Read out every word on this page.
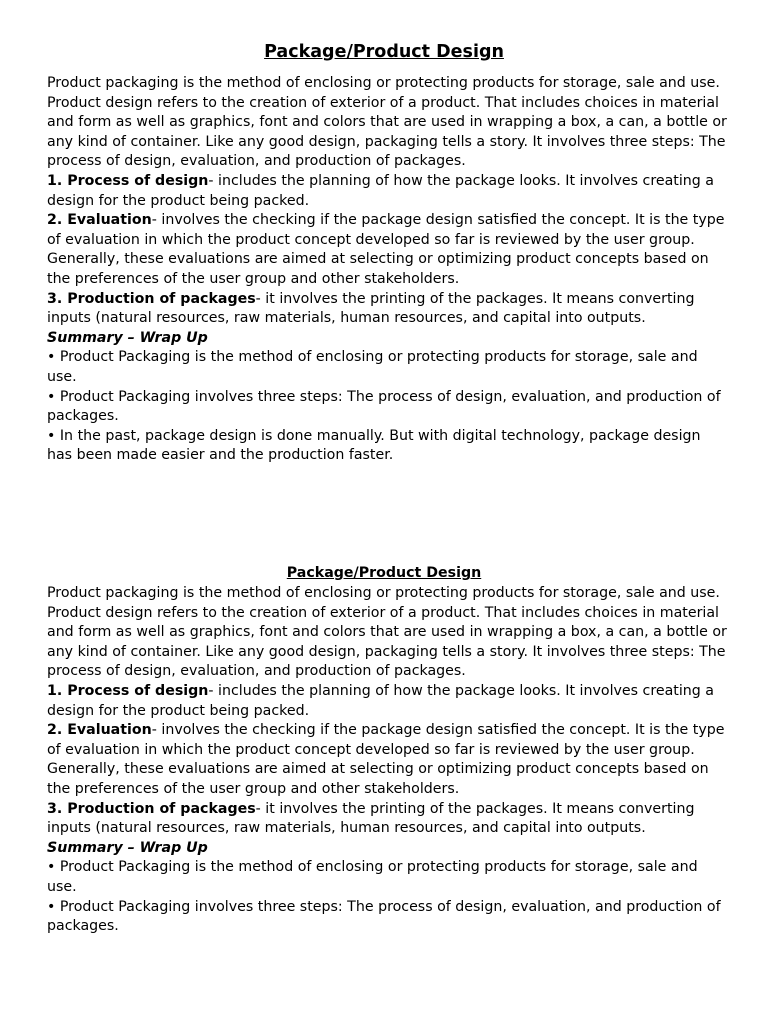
Package/Product Design

Product packaging is the method of enclosing or protecting products for storage, sale and use. Product design refers to the creation of exterior of a product. That includes choices in material and form as well as graphics, font and colors that are used in wrapping a box, a can, a bottle or any kind of container. Like any good design, packaging tells a story. It involves three steps: The process of design, evaluation, and production of packages.

1. Process of design- includes the planning of how the package looks. It involves creating a design for the product being packed.

2. Evaluation- involves the checking if the package design satisfied the concept. It is the type of evaluation in which the product concept developed so far is reviewed by the user group. Generally, these evaluations are aimed at selecting or optimizing product concepts based on the preferences of the user group and other stakeholders.

3. Production of packages- it involves the printing of the packages. It means converting inputs (natural resources, raw materials, human resources, and capital into outputs.

Summary – Wrap Up

• Product Packaging is the method of enclosing or protecting products for storage, sale and use.

• Product Packaging involves three steps: The process of design, evaluation, and production of packages.

• In the past, package design is done manually. But with digital technology, package design has been made easier and the production faster.

Package/Product Design

Product packaging is the method of enclosing or protecting products for storage, sale and use. Product design refers to the creation of exterior of a product. That includes choices in material and form as well as graphics, font and colors that are used in wrapping a box, a can, a bottle or any kind of container. Like any good design, packaging tells a story. It involves three steps: The process of design, evaluation, and production of packages.

1. Process of design- includes the planning of how the package looks. It involves creating a design for the product being packed.

2. Evaluation- involves the checking if the package design satisfied the concept. It is the type of evaluation in which the product concept developed so far is reviewed by the user group. Generally, these evaluations are aimed at selecting or optimizing product concepts based on the preferences of the user group and other stakeholders.

3. Production of packages- it involves the printing of the packages. It means converting inputs (natural resources, raw materials, human resources, and capital into outputs.

Summary – Wrap Up

• Product Packaging is the method of enclosing or protecting products for storage, sale and use.

• Product Packaging involves three steps: The process of design, evaluation, and production of packages.
